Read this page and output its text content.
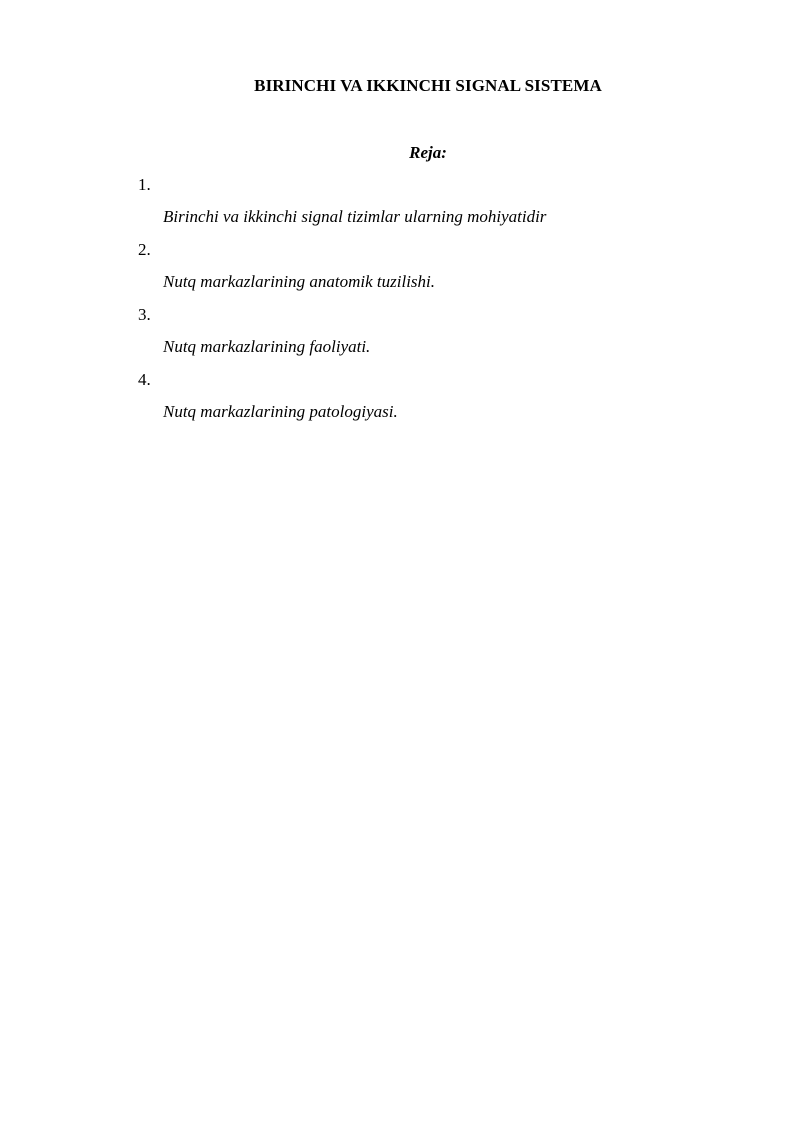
BIRINCHI VA IKKINCHI SIGNAL SISTEMA
Reja:
1.
Birinchi va ikkinchi signal tizimlar ularning mohiyatidir
2.
Nutq markazlarining anatomik tuzilishi.
3.
Nutq markazlarining faoliyati.
4.
Nutq markazlarining patologiyasi.
